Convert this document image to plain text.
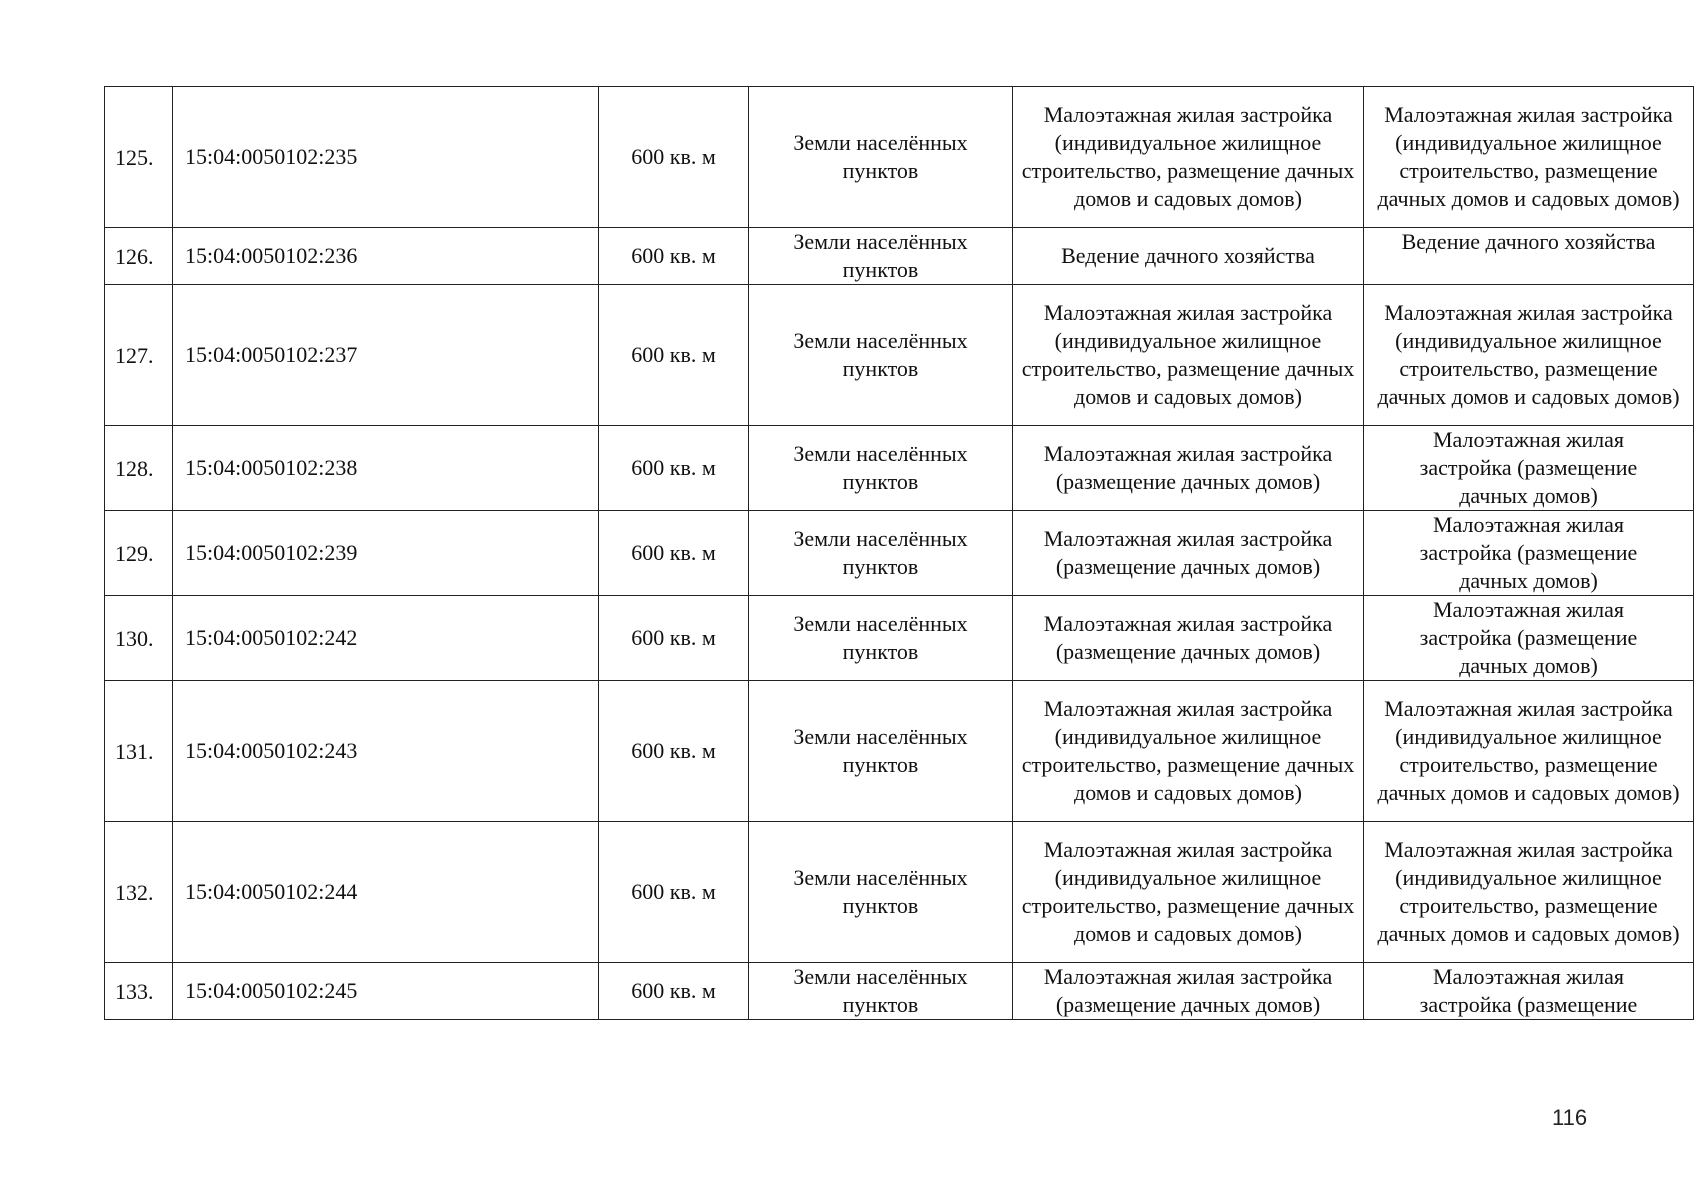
125.	15:04:0050102:235	600 кв. м	Земли населённых пунктов	Малоэтажная жилая застройка (индивидуальное жилищное строительство, размещение дачных домов и садовых домов)	Малоэтажная жилая застройка (индивидуальное жилищное строительство, размещение дачных домов и садовых домов)

126.	15:04:0050102:236	600 кв. м	Земли населённых пунктов	Ведение дачного хозяйства	Ведение дачного хозяйства

127.	15:04:0050102:237	600 кв. м	Земли населённых пунктов	Малоэтажная жилая застройка (индивидуальное жилищное строительство, размещение дачных домов и садовых домов)	Малоэтажная жилая застройка (индивидуальное жилищное строительство, размещение дачных домов и садовых домов)

128.	15:04:0050102:238	600 кв. м	Земли населённых пунктов	Малоэтажная жилая застройка (размещение дачных домов)	Малоэтажная жилая застройка (размещение дачных домов)

129.	15:04:0050102:239	600 кв. м	Земли населённых пунктов	Малоэтажная жилая застройка (размещение дачных домов)	Малоэтажная жилая застройка (размещение дачных домов)

130.	15:04:0050102:242	600 кв. м	Земли населённых пунктов	Малоэтажная жилая застройка (размещение дачных домов)	Малоэтажная жилая застройка (размещение дачных домов)

131.	15:04:0050102:243	600 кв. м	Земли населённых пунктов	Малоэтажная жилая застройка (индивидуальное жилищное строительство, размещение дачных домов и садовых домов)	Малоэтажная жилая застройка (индивидуальное жилищное строительство, размещение дачных домов и садовых домов)

132.	15:04:0050102:244	600 кв. м	Земли населённых пунктов	Малоэтажная жилая застройка (индивидуальное жилищное строительство, размещение дачных домов и садовых домов)	Малоэтажная жилая застройка (индивидуальное жилищное строительство, размещение дачных домов и садовых домов)

133.	15:04:0050102:245	600 кв. м	Земли населённых пунктов	Малоэтажная жилая застройка (размещение дачных домов)	Малоэтажная жилая застройка (размещение
116
